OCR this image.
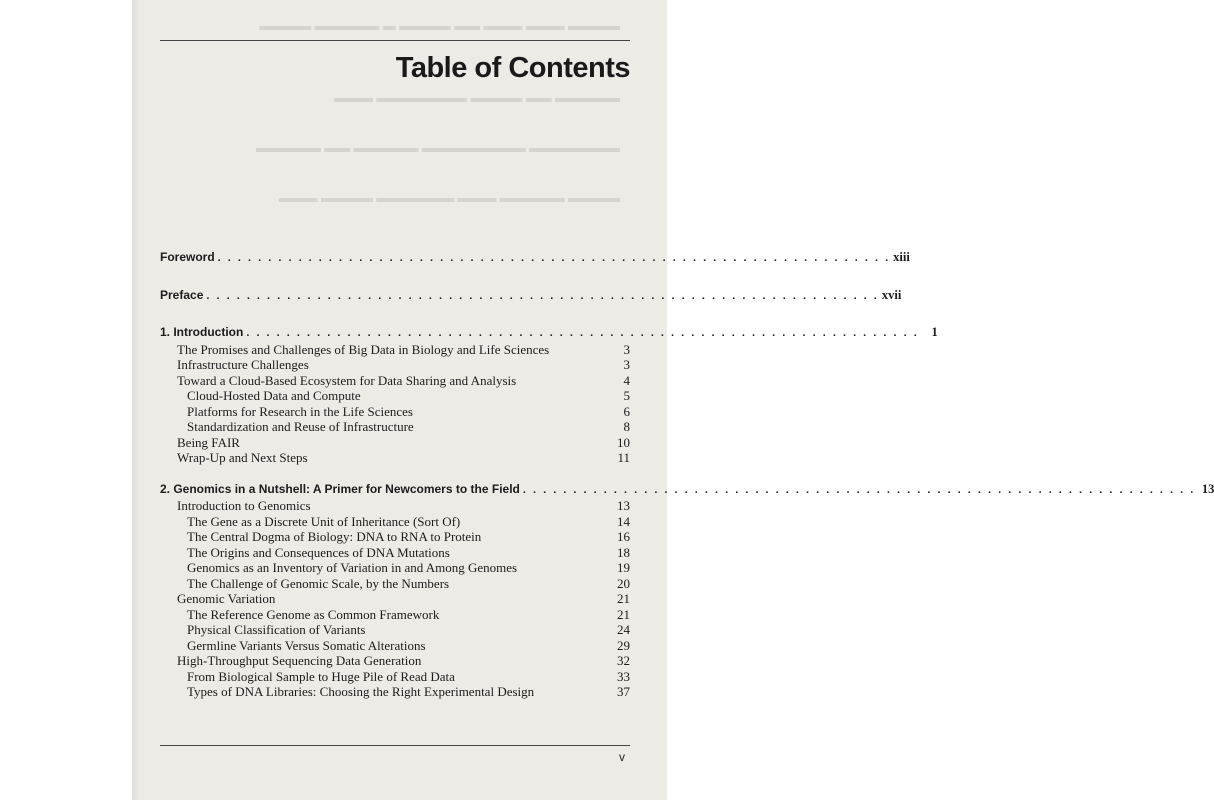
▬▬▬▬ ▬▬▬ ▬▬▬ ▬▬ ▬▬▬▬ ▬ ▬▬▬▬▬ ▬▬▬▬
▬▬▬▬▬ ▬▬ ▬▬▬▬ ▬▬▬▬▬▬▬ ▬▬▬
▬▬▬▬▬▬▬ ▬▬▬▬▬▬▬▬ ▬▬▬▬▬ ▬▬ ▬▬▬▬▬
▬▬▬▬ ▬▬▬▬▬ ▬▬▬ ▬▬▬▬▬▬ ▬▬▬▬ ▬▬▬
Table of Contents
Foreword . . . . . . . . . . . . . . . . . . . . . . . . . . . . . . . . . . . . . . . . . . . . . . . . . . . . . . . . . . . . . . . . . . . xiii
Preface . . . . . . . . . . . . . . . . . . . . . . . . . . . . . . . . . . . . . . . . . . . . . . . . . . . . . . . . . . . . . . . . . . . xvii
1. Introduction . . . . . . . . . . . . . . . . . . . . . . . . . . . . . . . . . . . . . . . . . . . . . . . . . . . . . . . . . . . . . . . . . . .	1
The Promises and Challenges of Big Data in Biology and Life Sciences	3
Infrastructure Challenges	3
Toward a Cloud-Based Ecosystem for Data Sharing and Analysis	4
Cloud-Hosted Data and Compute	5
Platforms for Research in the Life Sciences	6
Standardization and Reuse of Infrastructure	8
Being FAIR	10
Wrap-Up and Next Steps	11
2. Genomics in a Nutshell: A Primer for Newcomers to the Field . . . . . . . . . . . . . . . . . . . . . . . . . . . . . . . . . . . . . . . . . . . . . . . . . . . . . . . . . . . . . . . . . . . 13
Introduction to Genomics	13
The Gene as a Discrete Unit of Inheritance (Sort Of)	14
The Central Dogma of Biology: DNA to RNA to Protein	16
The Origins and Consequences of DNA Mutations	18
Genomics as an Inventory of Variation in and Among Genomes	19
The Challenge of Genomic Scale, by the Numbers	20
Genomic Variation	21
The Reference Genome as Common Framework	21
Physical Classification of Variants	24
Germline Variants Versus Somatic Alterations	29
High-Throughput Sequencing Data Generation	32
From Biological Sample to Huge Pile of Read Data	33
Types of DNA Libraries: Choosing the Right Experimental Design	37
v
